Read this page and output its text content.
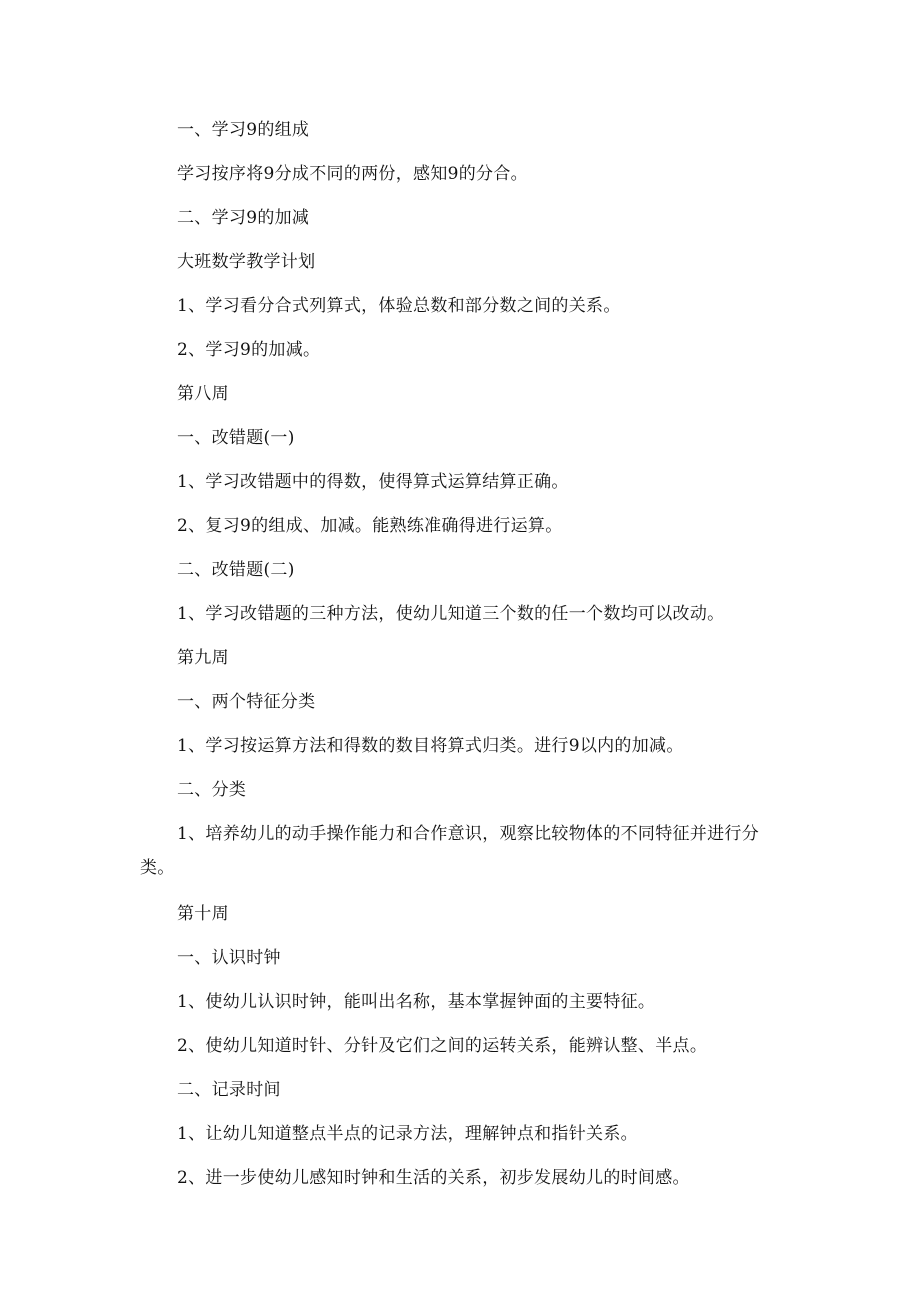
一、学习9的组成
学习按序将9分成不同的两份，感知9的分合。
二、学习9的加减
大班数学教学计划
1、学习看分合式列算式，体验总数和部分数之间的关系。
2、学习9的加减。
第八周
一、改错题(一)
1、学习改错题中的得数，使得算式运算结算正确。
2、复习9的组成、加减。能熟练准确得进行运算。
二、改错题(二)
1、学习改错题的三种方法，使幼儿知道三个数的任一个数均可以改动。
第九周
一、两个特征分类
1、学习按运算方法和得数的数目将算式归类。进行9以内的加减。
二、分类
1、培养幼儿的动手操作能力和合作意识，观察比较物体的不同特征并进行分类。
第十周
一、认识时钟
1、使幼儿认识时钟，能叫出名称，基本掌握钟面的主要特征。
2、使幼儿知道时针、分针及它们之间的运转关系，能辨认整、半点。
二、记录时间
1、让幼儿知道整点半点的记录方法，理解钟点和指针关系。
2、进一步使幼儿感知时钟和生活的关系，初步发展幼儿的时间感。
